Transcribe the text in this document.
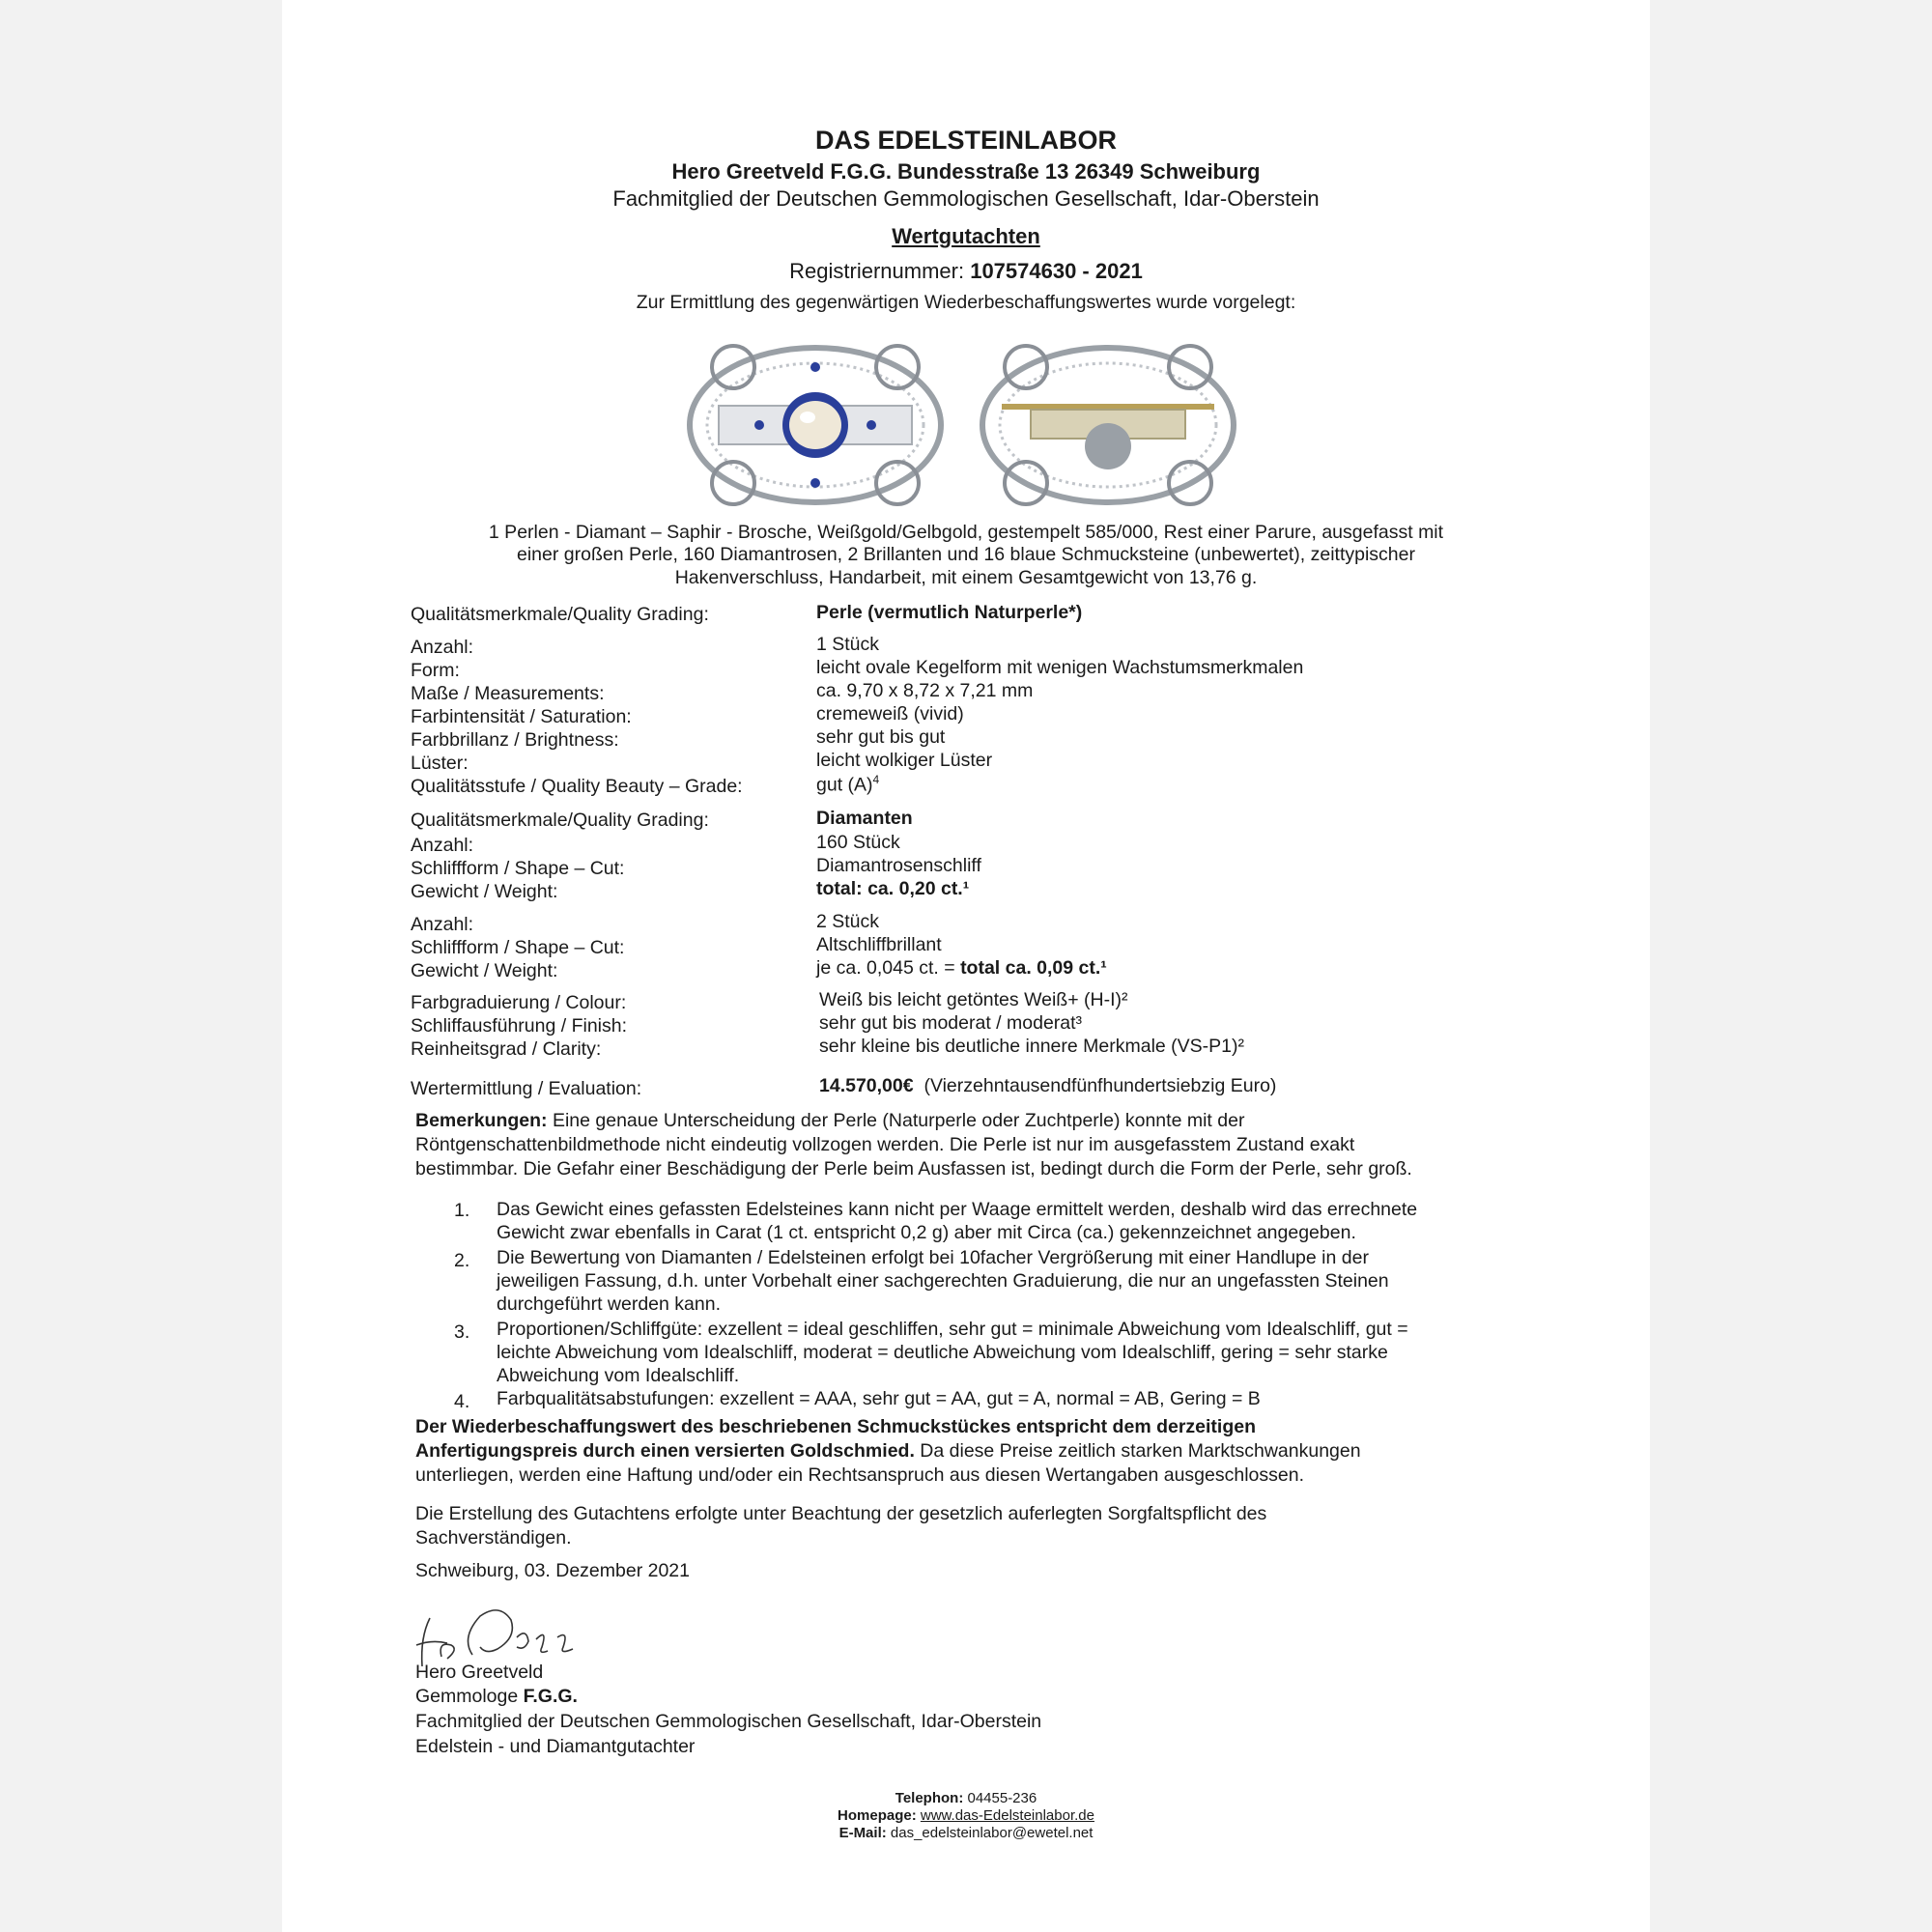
DAS EDELSTEINLABOR
Hero Greetveld F.G.G. Bundesstraße 13 26349 Schweiburg
Fachmitglied der Deutschen Gemmologischen Gesellschaft, Idar-Oberstein
Wertgutachten
Registriernummer: 107574630 - 2021
Zur Ermittlung des gegenwärtigen Wiederbeschaffungswertes wurde vorgelegt:
1 Perlen - Diamant – Saphir - Brosche, Weißgold/Gelbgold, gestempelt 585/000, Rest einer Parure, ausgefasst mit
einer großen Perle, 160 Diamantrosen, 2 Brillanten und 16 blaue Schmucksteine (unbewertet), zeittypischer
Hakenverschluss, Handarbeit, mit einem Gesamtgewicht von 13,76 g.
Qualitätsmerkmale/Quality Grading:	Perle (vermutlich Naturperle*)
Anzahl:	1 Stück
Form:	leicht ovale Kegelform mit wenigen Wachstumsmerkmalen
Maße / Measurements:	ca. 9,70 x 8,72 x 7,21 mm
Farbintensität / Saturation:	cremeweiß (vivid)
Farbbrillanz / Brightness:	sehr gut bis gut
Lüster:	leicht wolkiger Lüster
Qualitätsstufe / Quality Beauty – Grade:	gut $(A)^4$
Qualitätsmerkmale/Quality Grading:	Diamanten
Anzahl:	160 Stück
Schliffform / Shape – Cut:	Diamantrosenschliff
Gewicht / Weight:	total: ca. 0,20 ct.¹
Anzahl:	2 Stück
Schliffform / Shape – Cut:	Altschliffbrillant
Gewicht / Weight:	je ca. 0,045 ct. = total ca. 0,09 ct.¹
Farbgraduierung / Colour:	Weiß bis leicht getöntes Weiß+ (H-I)²
Schliffausführung / Finish:	sehr gut bis moderat / moderat³
Reinheitsgrad / Clarity:	sehr kleine bis deutliche innere Merkmale (VS-P1)²
Wertermittlung / Evaluation:	14.570,00€ (Vierzehntausendfünfhundertsiebzig Euro)
Bemerkungen: Eine genaue Unterscheidung der Perle (Naturperle oder Zuchtperle) konnte mit der
Röntgenschattenbildmethode nicht eindeutig vollzogen werden. Die Perle ist nur im ausgefasstem Zustand exakt
bestimmbar. Die Gefahr einer Beschädigung der Perle beim Ausfassen ist, bedingt durch die Form der Perle, sehr groß.
1. Das Gewicht eines gefassten Edelsteines kann nicht per Waage ermittelt werden, deshalb wird das errechnete
Gewicht zwar ebenfalls in Carat (1 ct. entspricht 0,2 g) aber mit Circa (ca.) gekennzeichnet angegeben.
2. Die Bewertung von Diamanten / Edelsteinen erfolgt bei 10facher Vergrößerung mit einer Handlupe in der
jeweiligen Fassung, d.h. unter Vorbehalt einer sachgerechten Graduierung, die nur an ungefassten Steinen
durchgeführt werden kann.
3. Proportionen/Schliffgüte: exzellent = ideal geschliffen, sehr gut = minimale Abweichung vom Idealschliff, gut =
leichte Abweichung vom Idealschliff, moderat = deutliche Abweichung vom Idealschliff, gering = sehr starke
Abweichung vom Idealschliff.
4. Farbqualitätsabstufungen: exzellent = AAA, sehr gut = AA, gut = A, normal = AB, Gering = B
Der Wiederbeschaffungswert des beschriebenen Schmuckstückes entspricht dem derzeitigen
Anfertigungspreis durch einen versierten Goldschmied. Da diese Preise zeitlich starken Marktschwankungen
unterliegen, werden eine Haftung und/oder ein Rechtsanspruch aus diesen Wertangaben ausgeschlossen.
Die Erstellung des Gutachtens erfolgte unter Beachtung der gesetzlich auferlegten Sorgfaltspflicht des
Sachverständigen.
Schweiburg, 03. Dezember 2021
Hero Greetveld
Gemmologe F.G.G.
Fachmitglied der Deutschen Gemmologischen Gesellschaft, Idar-Oberstein
Edelstein - und Diamantgutachter
Telephon: 04455-236
Homepage: www.das-Edelsteinlabor.de
E-Mail: das_edelsteinlabor@ewetel.net
